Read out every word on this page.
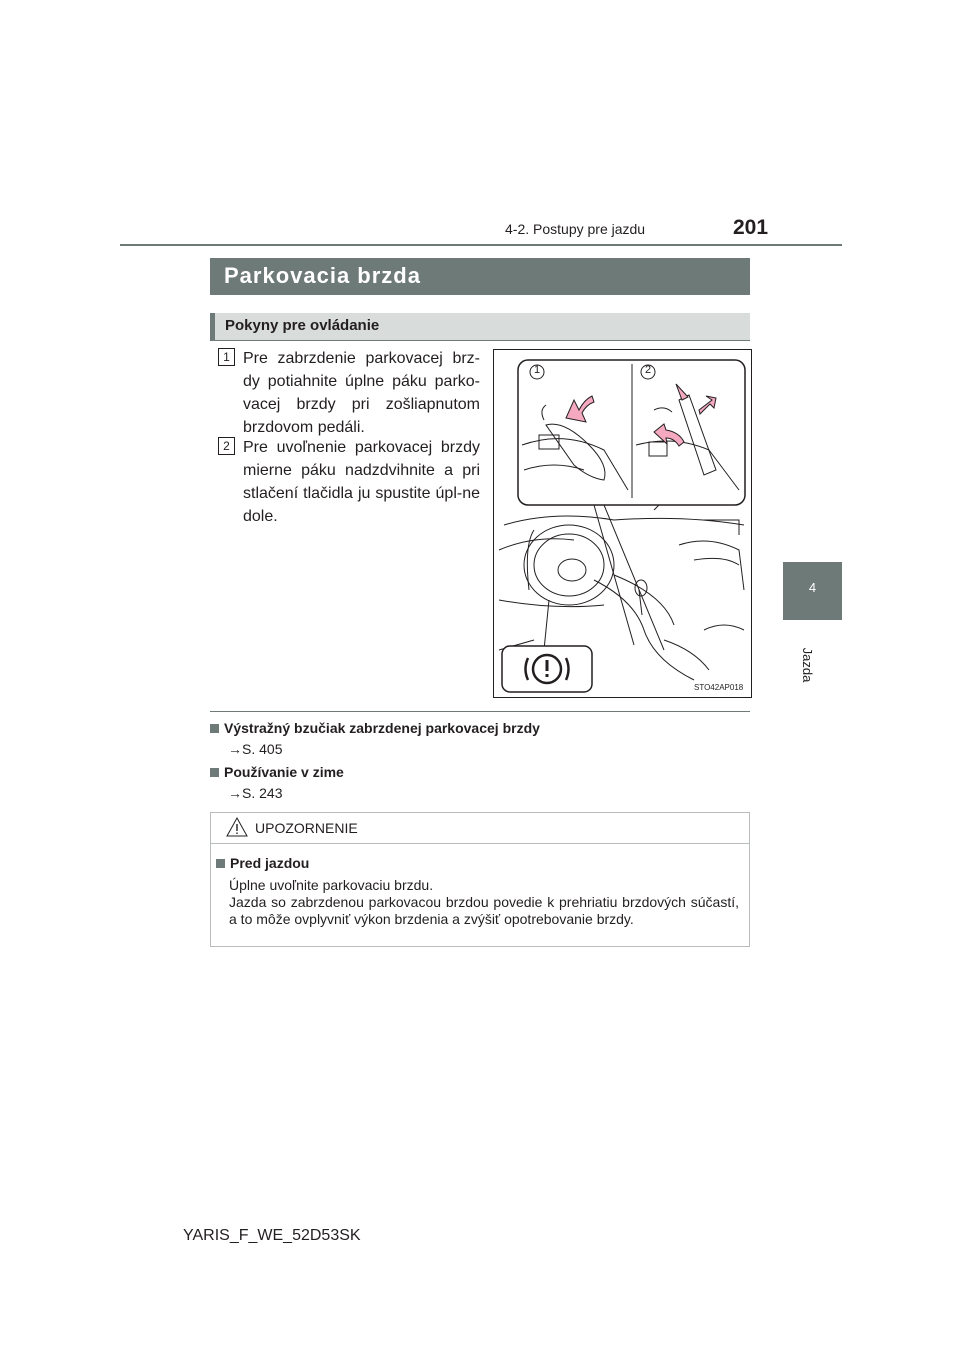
4-2. Postupy pre jazdu	201
4
Jazda
Parkovacia brzda
Pokyny pre ovládanie
1 Pre zabrzdenie parkovacej brz-dy potiahnite úplne páku parko-vacej brzdy pri zošliapnutom brzdovom pedáli.
2 Pre uvoľnenie parkovacej brzdy mierne páku nadzdvihnite a pri stlačení tlačidla ju spustite úpl-ne dole.
1	2
STO42AP018
Výstražný bzučiak zabrzdenej parkovacej brzdy
→S. 405
Používanie v zime
→S. 243
UPOZORNENIE
Pred jazdou
Úplne uvoľnite parkovaciu brzdu.
Jazda so zabrzdenou parkovacou brzdou povedie k prehriatiu brzdových súčastí, a to môže ovplyvniť výkon brzdenia a zvýšiť opotrebovanie brzdy.
YARIS_F_WE_52D53SK
